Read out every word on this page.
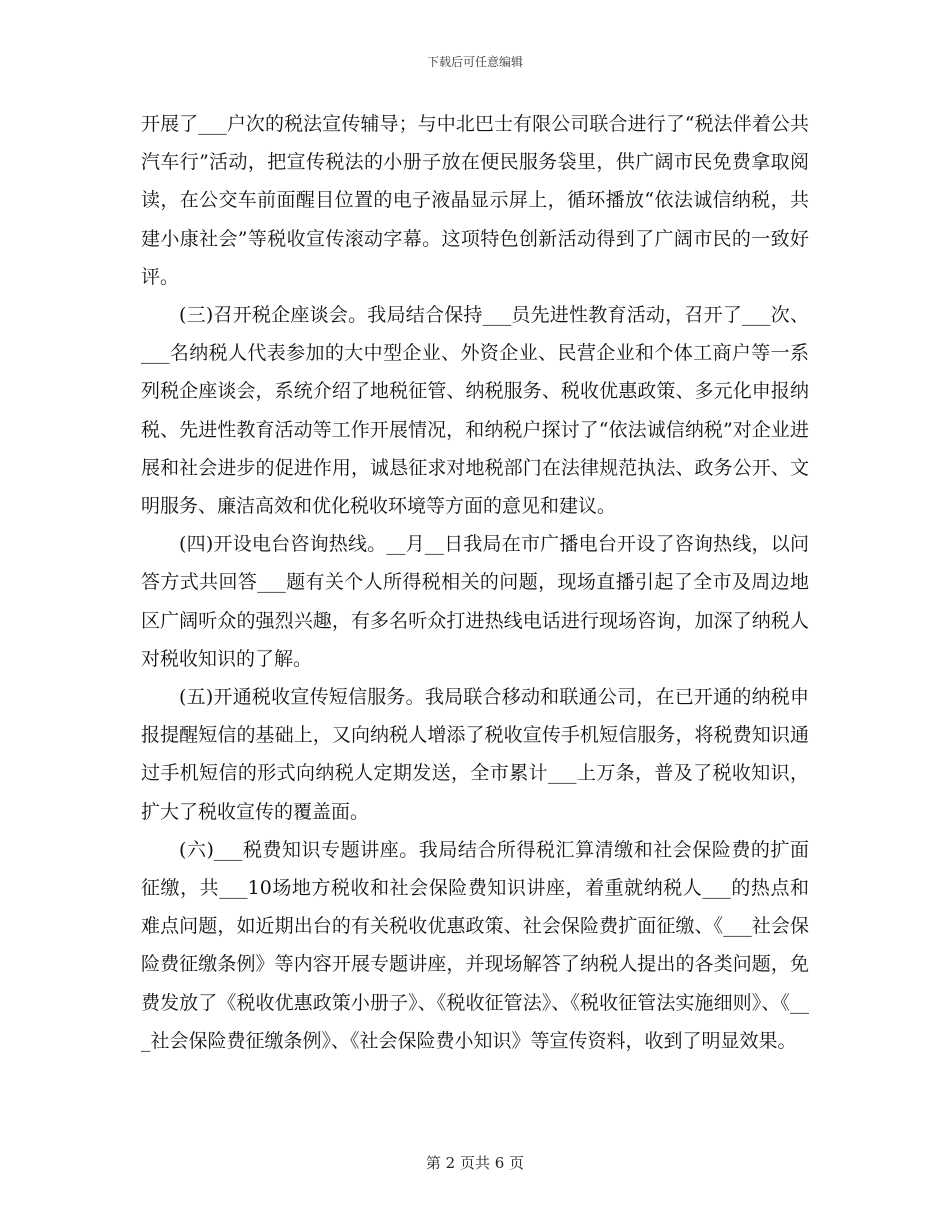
下载后可任意编辑

开展了___户次的税法宣传辅导；与中北巴士有限公司联合进行了“税法伴着公共汽车行”活动，把宣传税法的小册子放在便民服务袋里，供广阔市民免费拿取阅读，在公交车前面醒目位置的电子液晶显示屏上，循环播放“依法诚信纳税，共建小康社会”等税收宣传滚动字幕。这项特色创新活动得到了广阔市民的一致好评。

(三)召开税企座谈会。我局结合保持___员先进性教育活动，召开了___次、___名纳税人代表参加的大中型企业、外资企业、民营企业和个体工商户等一系列税企座谈会，系统介绍了地税征管、纳税服务、税收优惠政策、多元化申报纳税、先进性教育活动等工作开展情况，和纳税户探讨了“依法诚信纳税”对企业进展和社会进步的促进作用，诚恳征求对地税部门在法律规范执法、政务公开、文明服务、廉洁高效和优化税收环境等方面的意见和建议。

(四)开设电台咨询热线。__月__日我局在市广播电台开设了咨询热线，以问答方式共回答___题有关个人所得税相关的问题，现场直播引起了全市及周边地区广阔听众的强烈兴趣，有多名听众打进热线电话进行现场咨询，加深了纳税人对税收知识的了解。

(五)开通税收宣传短信服务。我局联合移动和联通公司，在已开通的纳税申报提醒短信的基础上，又向纳税人增添了税收宣传手机短信服务，将税费知识通过手机短信的形式向纳税人定期发送，全市累计___上万条，普及了税收知识，扩大了税收宣传的覆盖面。

(六)___税费知识专题讲座。我局结合所得税汇算清缴和社会保险费的扩面征缴，共___10场地方税收和社会保险费知识讲座，着重就纳税人___的热点和难点问题，如近期出台的有关税收优惠政策、社会保险费扩面征缴、《___社会保险费征缴条例》等内容开展专题讲座，并现场解答了纳税人提出的各类问题，免费发放了《税收优惠政策小册子》、《税收征管法》、《税收征管法实施细则》、《___社会保险费征缴条例》、《社会保险费小知识》等宣传资料，收到了明显效果。

第 2 页共 6 页
